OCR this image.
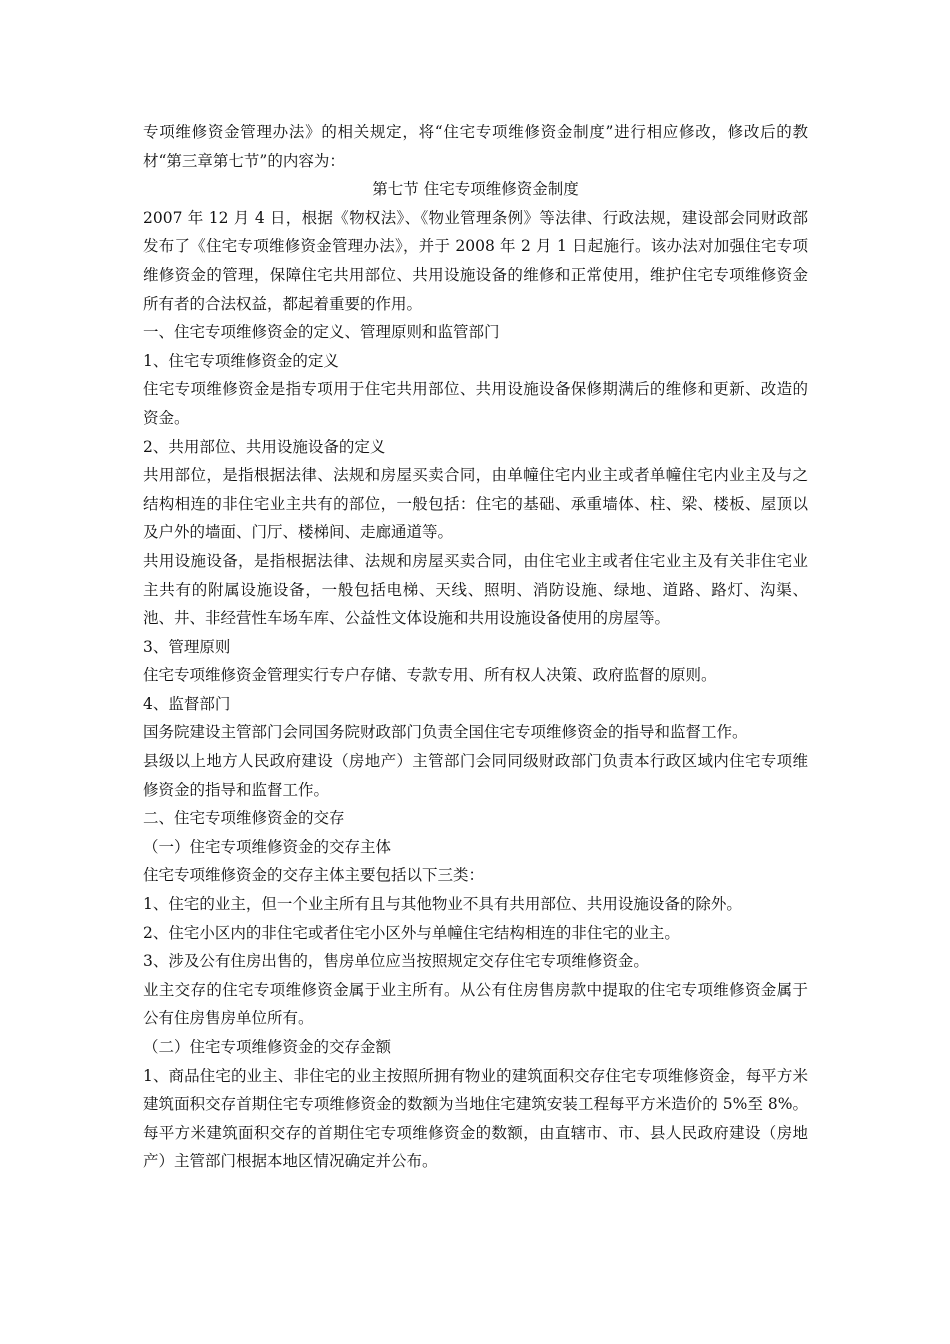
专项维修资金管理办法》的相关规定，将“住宅专项维修资金制度”进行相应修改，修改后的教材“第三章第七节”的内容为：

第七节 住宅专项维修资金制度

2007 年 12 月 4 日，根据《物权法》、《物业管理条例》等法律、行政法规，建设部会同财政部发布了《住宅专项维修资金管理办法》，并于 2008 年 2 月 1 日起施行。该办法对加强住宅专项维修资金的管理，保障住宅共用部位、共用设施设备的维修和正常使用，维护住宅专项维修资金所有者的合法权益，都起着重要的作用。

一、住宅专项维修资金的定义、管理原则和监管部门

1、住宅专项维修资金的定义

住宅专项维修资金是指专项用于住宅共用部位、共用设施设备保修期满后的维修和更新、改造的资金。

2、共用部位、共用设施设备的定义

共用部位，是指根据法律、法规和房屋买卖合同，由单幢住宅内业主或者单幢住宅内业主及与之结构相连的非住宅业主共有的部位，一般包括：住宅的基础、承重墙体、柱、梁、楼板、屋顶以及户外的墙面、门厅、楼梯间、走廊通道等。

共用设施设备，是指根据法律、法规和房屋买卖合同，由住宅业主或者住宅业主及有关非住宅业主共有的附属设施设备，一般包括电梯、天线、照明、消防设施、绿地、道路、路灯、沟渠、池、井、非经营性车场车库、公益性文体设施和共用设施设备使用的房屋等。

3、管理原则

住宅专项维修资金管理实行专户存储、专款专用、所有权人决策、政府监督的原则。

4、监督部门

国务院建设主管部门会同国务院财政部门负责全国住宅专项维修资金的指导和监督工作。

县级以上地方人民政府建设（房地产）主管部门会同同级财政部门负责本行政区域内住宅专项维修资金的指导和监督工作。

二、住宅专项维修资金的交存

（一）住宅专项维修资金的交存主体

住宅专项维修资金的交存主体主要包括以下三类：

1、住宅的业主，但一个业主所有且与其他物业不具有共用部位、共用设施设备的除外。

2、住宅小区内的非住宅或者住宅小区外与单幢住宅结构相连的非住宅的业主。

3、涉及公有住房出售的，售房单位应当按照规定交存住宅专项维修资金。

业主交存的住宅专项维修资金属于业主所有。从公有住房售房款中提取的住宅专项维修资金属于公有住房售房单位所有。

（二）住宅专项维修资金的交存金额

1、商品住宅的业主、非住宅的业主按照所拥有物业的建筑面积交存住宅专项维修资金，每平方米建筑面积交存首期住宅专项维修资金的数额为当地住宅建筑安装工程每平方米造价的 5%至 8%。每平方米建筑面积交存的首期住宅专项维修资金的数额，由直辖市、市、县人民政府建设（房地产）主管部门根据本地区情况确定并公布。
